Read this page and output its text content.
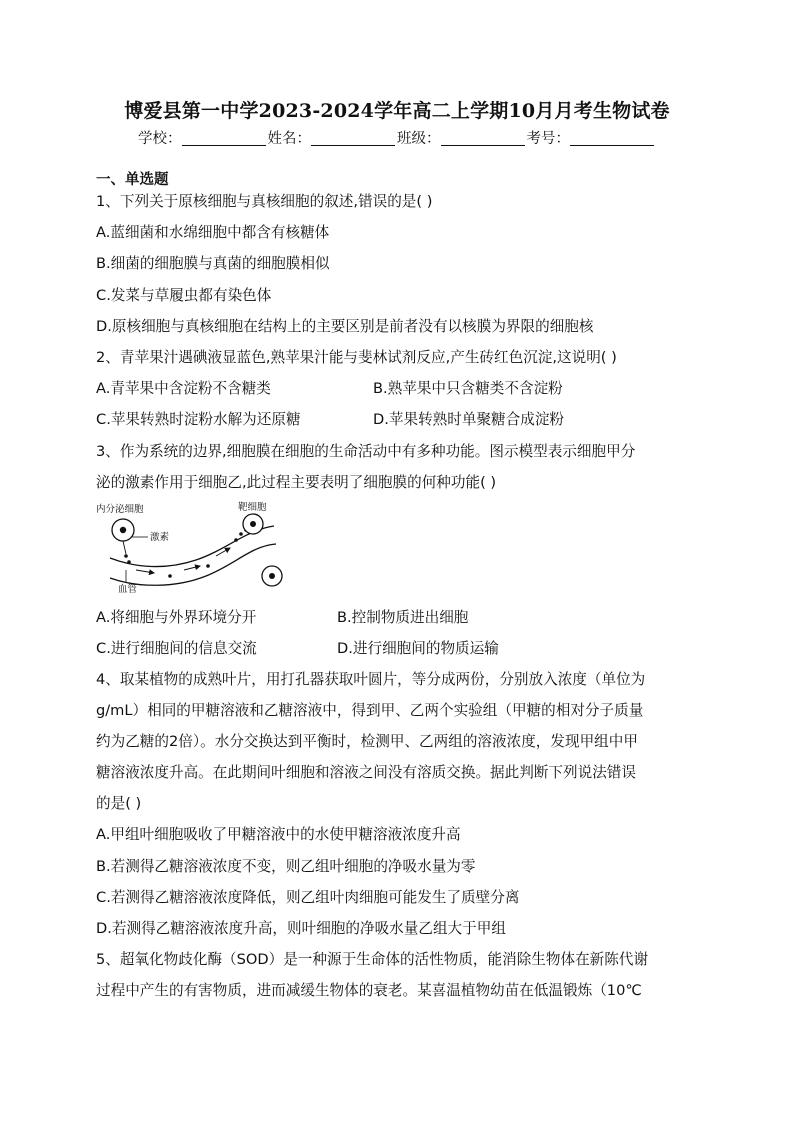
博爱县第一中学2023-2024学年高二上学期10月月考生物试卷
学校：	姓名：	班级：	考号：
一、单选题
1、下列关于原核细胞与真核细胞的叙述,错误的是( )
A.蓝细菌和水绵细胞中都含有核糖体
B.细菌的细胞膜与真菌的细胞膜相似
C.发菜与草履虫都有染色体
D.原核细胞与真核细胞在结构上的主要区别是前者没有以核膜为界限的细胞核
2、青苹果汁遇碘液显蓝色,熟苹果汁能与斐林试剂反应,产生砖红色沉淀,这说明( )
A.青苹果中含淀粉不含糖类	B.熟苹果中只含糖类不含淀粉
C.苹果转熟时淀粉水解为还原糖	D.苹果转熟时单聚糖合成淀粉
3、作为系统的边界,细胞膜在细胞的生命活动中有多种功能。图示模型表示细胞甲分
泌的激素作用于细胞乙,此过程主要表明了细胞膜的何种功能( )
内分泌细胞	靶细胞
激素
血管
A.将细胞与外界环境分开	B.控制物质进出细胞
C.进行细胞间的信息交流	D.进行细胞间的物质运输
4、取某植物的成熟叶片，用打孔器获取叶圆片，等分成两份，分别放入浓度（单位为
g/mL）相同的甲糖溶液和乙糖溶液中，得到甲、乙两个实验组（甲糖的相对分子质量
约为乙糖的2倍）。水分交换达到平衡时，检测甲、乙两组的溶液浓度，发现甲组中甲
糖溶液浓度升高。在此期间叶细胞和溶液之间没有溶质交换。据此判断下列说法错误
的是( )
A.甲组叶细胞吸收了甲糖溶液中的水使甲糖溶液浓度升高
B.若测得乙糖溶液浓度不变，则乙组叶细胞的净吸水量为零
C.若测得乙糖溶液浓度降低，则乙组叶肉细胞可能发生了质壁分离
D.若测得乙糖溶液浓度升高，则叶细胞的净吸水量乙组大于甲组
5、超氧化物歧化酶（SOD）是一种源于生命体的活性物质，能消除生物体在新陈代谢
过程中产生的有害物质，进而减缓生物体的衰老。某喜温植物幼苗在低温锻炼（10℃
